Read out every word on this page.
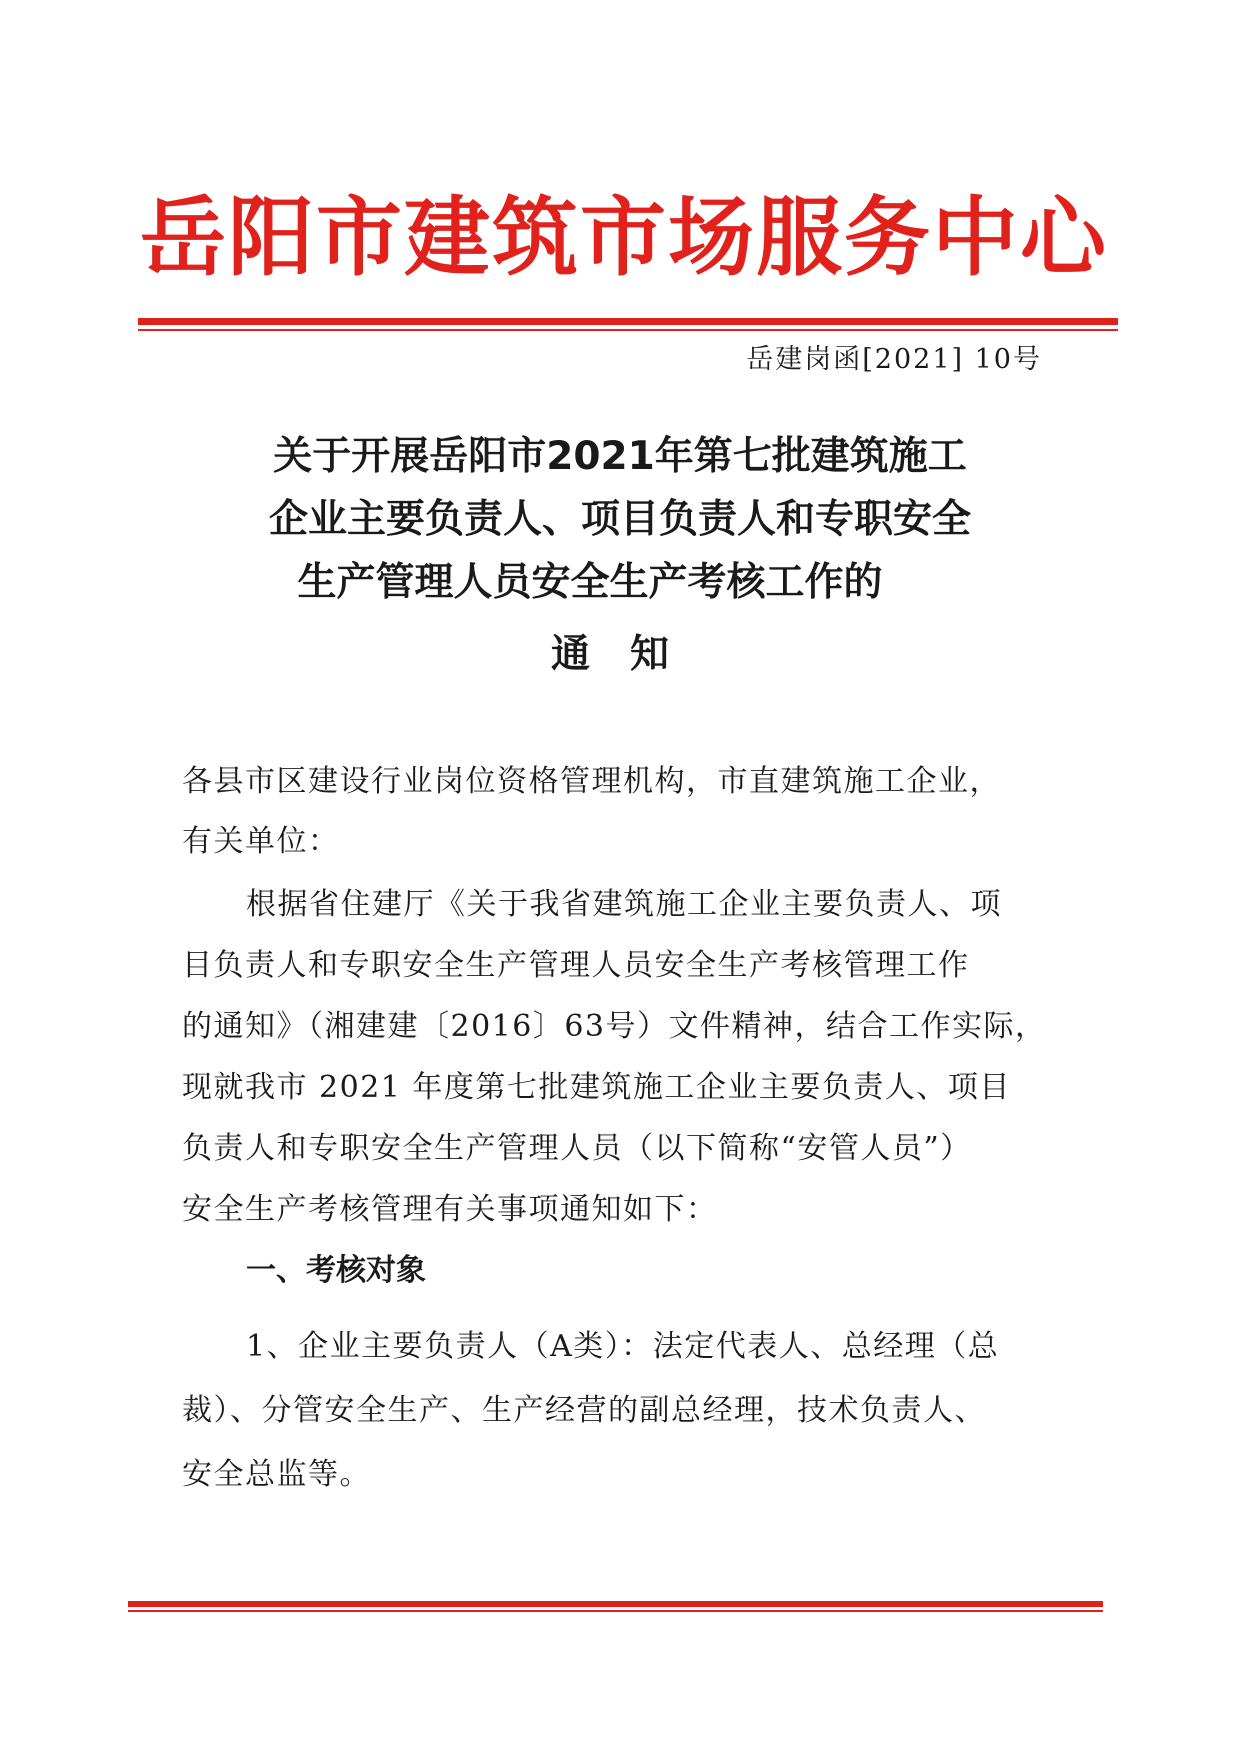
岳阳市建筑市场服务中心
岳建岗函[2021] 10号
关于开展岳阳市2021年第七批建筑施工
企业主要负责人、项目负责人和专职安全
生产管理人员安全生产考核工作的
通知
各县市区建设行业岗位资格管理机构，市直建筑施工企业，
有关单位：
根据省住建厅《关于我省建筑施工企业主要负责人、项
目负责人和专职安全生产管理人员安全生产考核管理工作
的通知》（湘建建〔2016〕63号）文件精神，结合工作实际，
现就我市 2021 年度第七批建筑施工企业主要负责人、项目
负责人和专职安全生产管理人员（以下简称“安管人员”）
安全生产考核管理有关事项通知如下：
一、考核对象
1、企业主要负责人（A类）：法定代表人、总经理（总
裁）、分管安全生产、生产经营的副总经理，技术负责人、
安全总监等。
